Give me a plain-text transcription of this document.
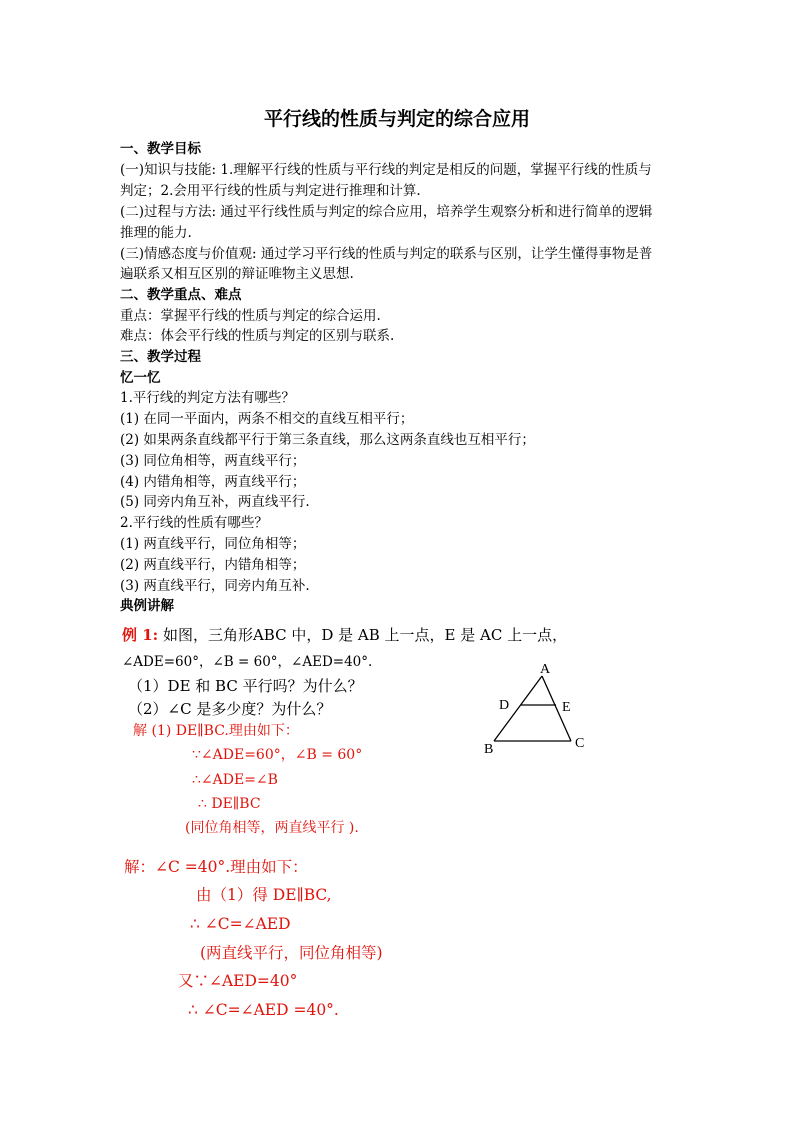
平行线的性质与判定的综合应用
一、教学目标
(一)知识与技能: 1.理解平行线的性质与平行线的判定是相反的问题，掌握平行线的性质与
判定；2.会用平行线的性质与判定进行推理和计算.
(二)过程与方法: 通过平行线性质与判定的综合应用，培养学生观察分析和进行简单的逻辑
推理的能力.
(三)情感态度与价值观: 通过学习平行线的性质与判定的联系与区别，让学生懂得事物是普
遍联系又相互区别的辩证唯物主义思想.
二、教学重点、难点
重点：掌握平行线的性质与判定的综合运用.
难点：体会平行线的性质与判定的区别与联系.
三、教学过程
忆一忆
1.平行线的判定方法有哪些？
(1) 在同一平面内，两条不相交的直线互相平行；
(2) 如果两条直线都平行于第三条直线，那么这两条直线也互相平行；
(3) 同位角相等，两直线平行；
(4) 内错角相等，两直线平行；
(5) 同旁内角互补，两直线平行.
2.平行线的性质有哪些？
(1) 两直线平行，同位角相等；
(2) 两直线平行，内错角相等；
(3) 两直线平行，同旁内角互补.
典例讲解
例 1: 如图，三角形ABC 中，D 是 AB 上一点，E 是 AC 上一点，
∠ADE=60°，∠B = 60°，∠AED=40°.
（1）DE 和 BC 平行吗？为什么？
（2）∠C 是多少度？为什么？
解 (1) DE∥BC.理由如下：
∵∠ADE=60°，∠B = 60°
∴∠ADE=∠B
∴ DE∥BC
(同位角相等，两直线平行 ).
解：∠C =40°.理由如下：
由（1）得 DE∥BC,
∴ ∠C=∠AED
(两直线平行，同位角相等)
又∵∠AED=40°
∴ ∠C=∠AED =40°.
A
D	E
B	C
